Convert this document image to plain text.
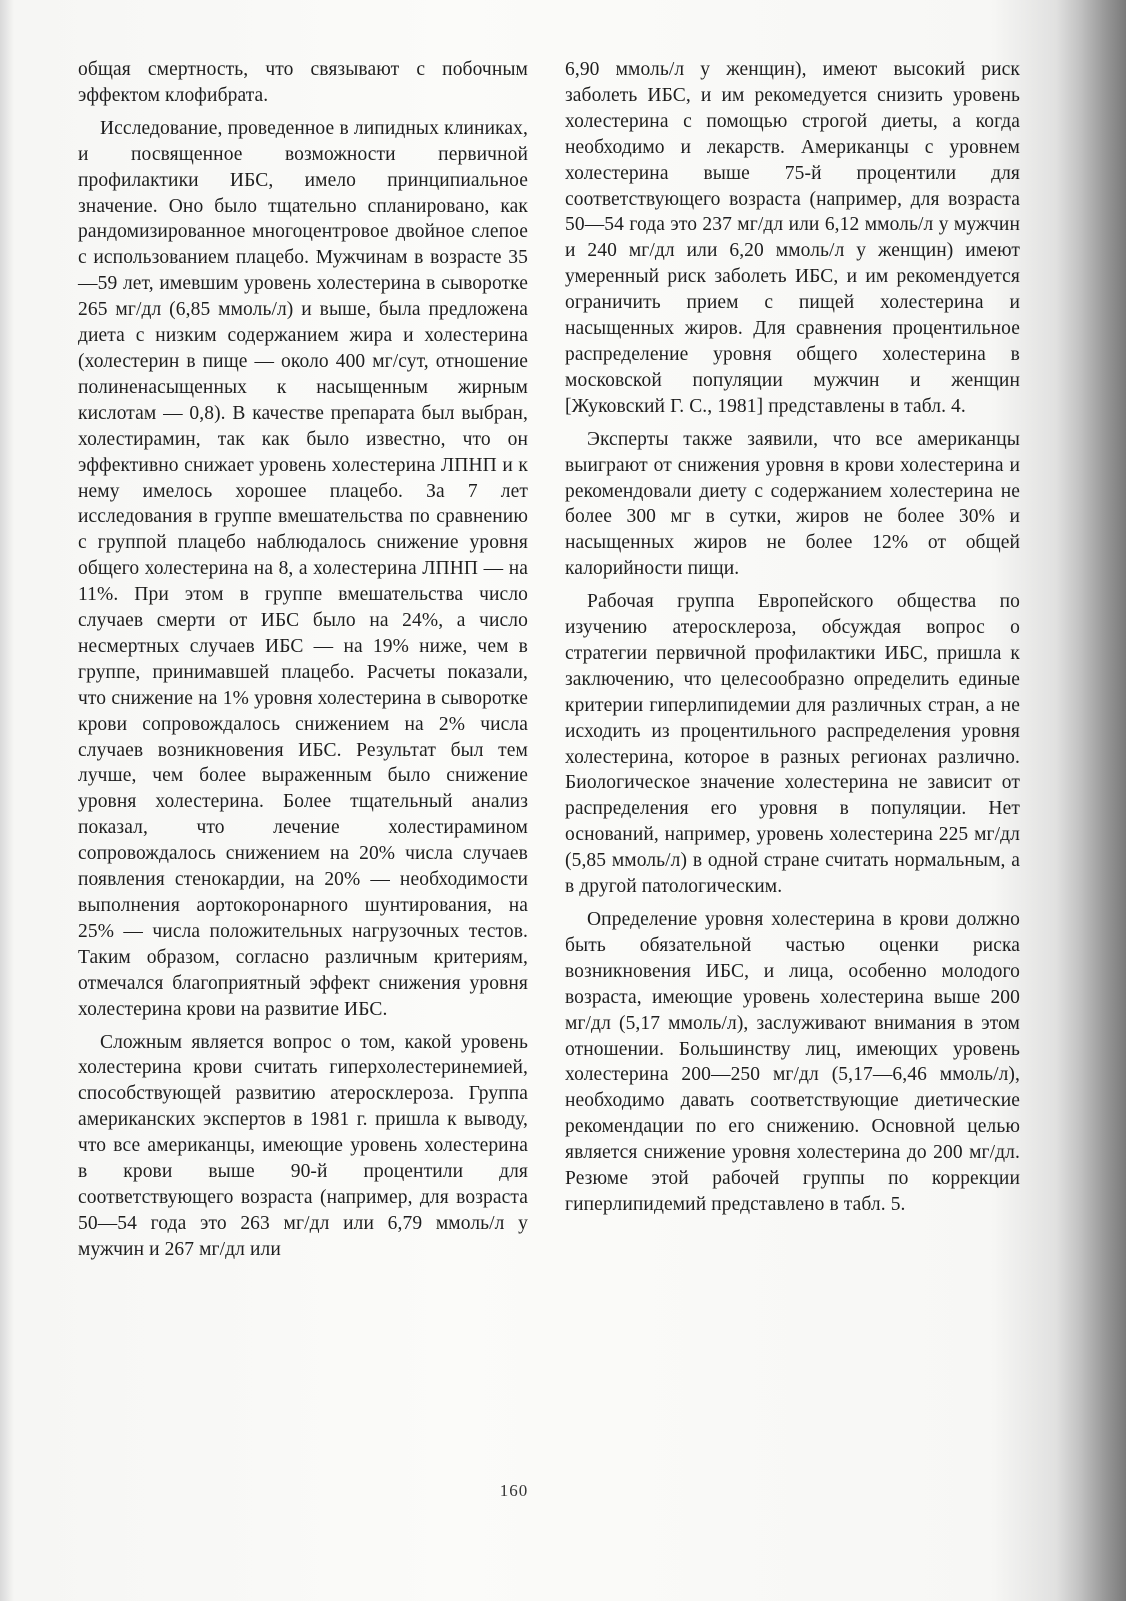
общая смертность, что связывают с побочным эффектом клофибрата.

Исследование, проведенное в липидных клиниках, и посвященное возможности первичной профилактики ИБС, имело принципиальное значение. Оно было тщательно спланировано, как рандомизированное многоцентровое двойное слепое с использованием плацебо. Мужчинам в возрасте 35—59 лет, имевшим уровень холестерина в сыворотке 265 мг/дл (6,85 ммоль/л) и выше, была предложена диета с низким содержанием жира и холестерина (холестерин в пище — около 400 мг/сут, отношение полиненасыщенных к насыщенным жирным кислотам — 0,8). В качестве препарата был выбран, холестирамин, так как было известно, что он эффективно снижает уровень холестерина ЛПНП и к нему имелось хорошее плацебо. За 7 лет исследования в группе вмешательства по сравнению с группой плацебо наблюдалось снижение уровня общего холестерина на 8, а холестерина ЛПНП — на 11%. При этом в группе вмешательства число случаев смерти от ИБС было на 24%, а число несмертных случаев ИБС — на 19% ниже, чем в группе, принимавшей плацебо. Расчеты показали, что снижение на 1% уровня холестерина в сыворотке крови сопровождалось снижением на 2% числа случаев возникновения ИБС. Результат был тем лучше, чем более выраженным было снижение уровня холестерина. Более тщательный анализ показал, что лечение холестирамином сопровождалось снижением на 20% числа случаев появления стенокардии, на 20% — необходимости выполнения аортокоронарного шунтирования, на 25% — числа положительных нагрузочных тестов. Таким образом, согласно различным критериям, отмечался благоприятный эффект снижения уровня холестерина крови на развитие ИБС.

Сложным является вопрос о том, какой уровень холестерина крови считать гиперхолестеринемией, способствующей развитию атеросклероза. Группа американских экспертов в 1981 г. пришла к выводу, что все американцы, имеющие уровень холестерина в крови выше 90-й процентили для соответствующего возраста (например, для возраста 50—54 года это 263 мг/дл или 6,79 ммоль/л у мужчин и 267 мг/дл или

6,90 ммоль/л у женщин), имеют высокий риск заболеть ИБС, и им рекомедуется снизить уровень холестерина с помощью строгой диеты, а когда необходимо и лекарств. Американцы с уровнем холестерина выше 75-й процентили для соответствующего возраста (например, для возраста 50—54 года это 237 мг/дл или 6,12 ммоль/л у мужчин и 240 мг/дл или 6,20 ммоль/л у женщин) имеют умеренный риск заболеть ИБС, и им рекомендуется ограничить прием с пищей холестерина и насыщенных жиров. Для сравнения процентильное распределение уровня общего холестерина в московской популяции мужчин и женщин [Жуковский Г. С., 1981] представлены в табл. 4.

Эксперты также заявили, что все американцы выиграют от снижения уровня в крови холестерина и рекомендовали диету с содержанием холестерина не более 300 мг в сутки, жиров не более 30% и насыщенных жиров не более 12% от общей калорийности пищи.

Рабочая группа Европейского общества по изучению атеросклероза, обсуждая вопрос о стратегии первичной профилактики ИБС, пришла к заключению, что целесообразно определить единые критерии гиперлипидемии для различных стран, а не исходить из процентильного распределения уровня холестерина, которое в разных регионах различно. Биологическое значение холестерина не зависит от распределения его уровня в популяции. Нет оснований, например, уровень холестерина 225 мг/дл (5,85 ммоль/л) в одной стране считать нормальным, а в другой патологическим.

Определение уровня холестерина в крови должно быть обязательной частью оценки риска возникновения ИБС, и лица, особенно молодого возраста, имеющие уровень холестерина выше 200 мг/дл (5,17 ммоль/л), заслуживают внимания в этом отношении. Большинству лиц, имеющих уровень холестерина 200—250 мг/дл (5,17—6,46 ммоль/л), необходимо давать соответствующие диетические рекомендации по его снижению. Основной целью является снижение уровня холестерина до 200 мг/дл. Резюме этой рабочей группы по коррекции гиперлипидемий представлено в табл. 5.

160
